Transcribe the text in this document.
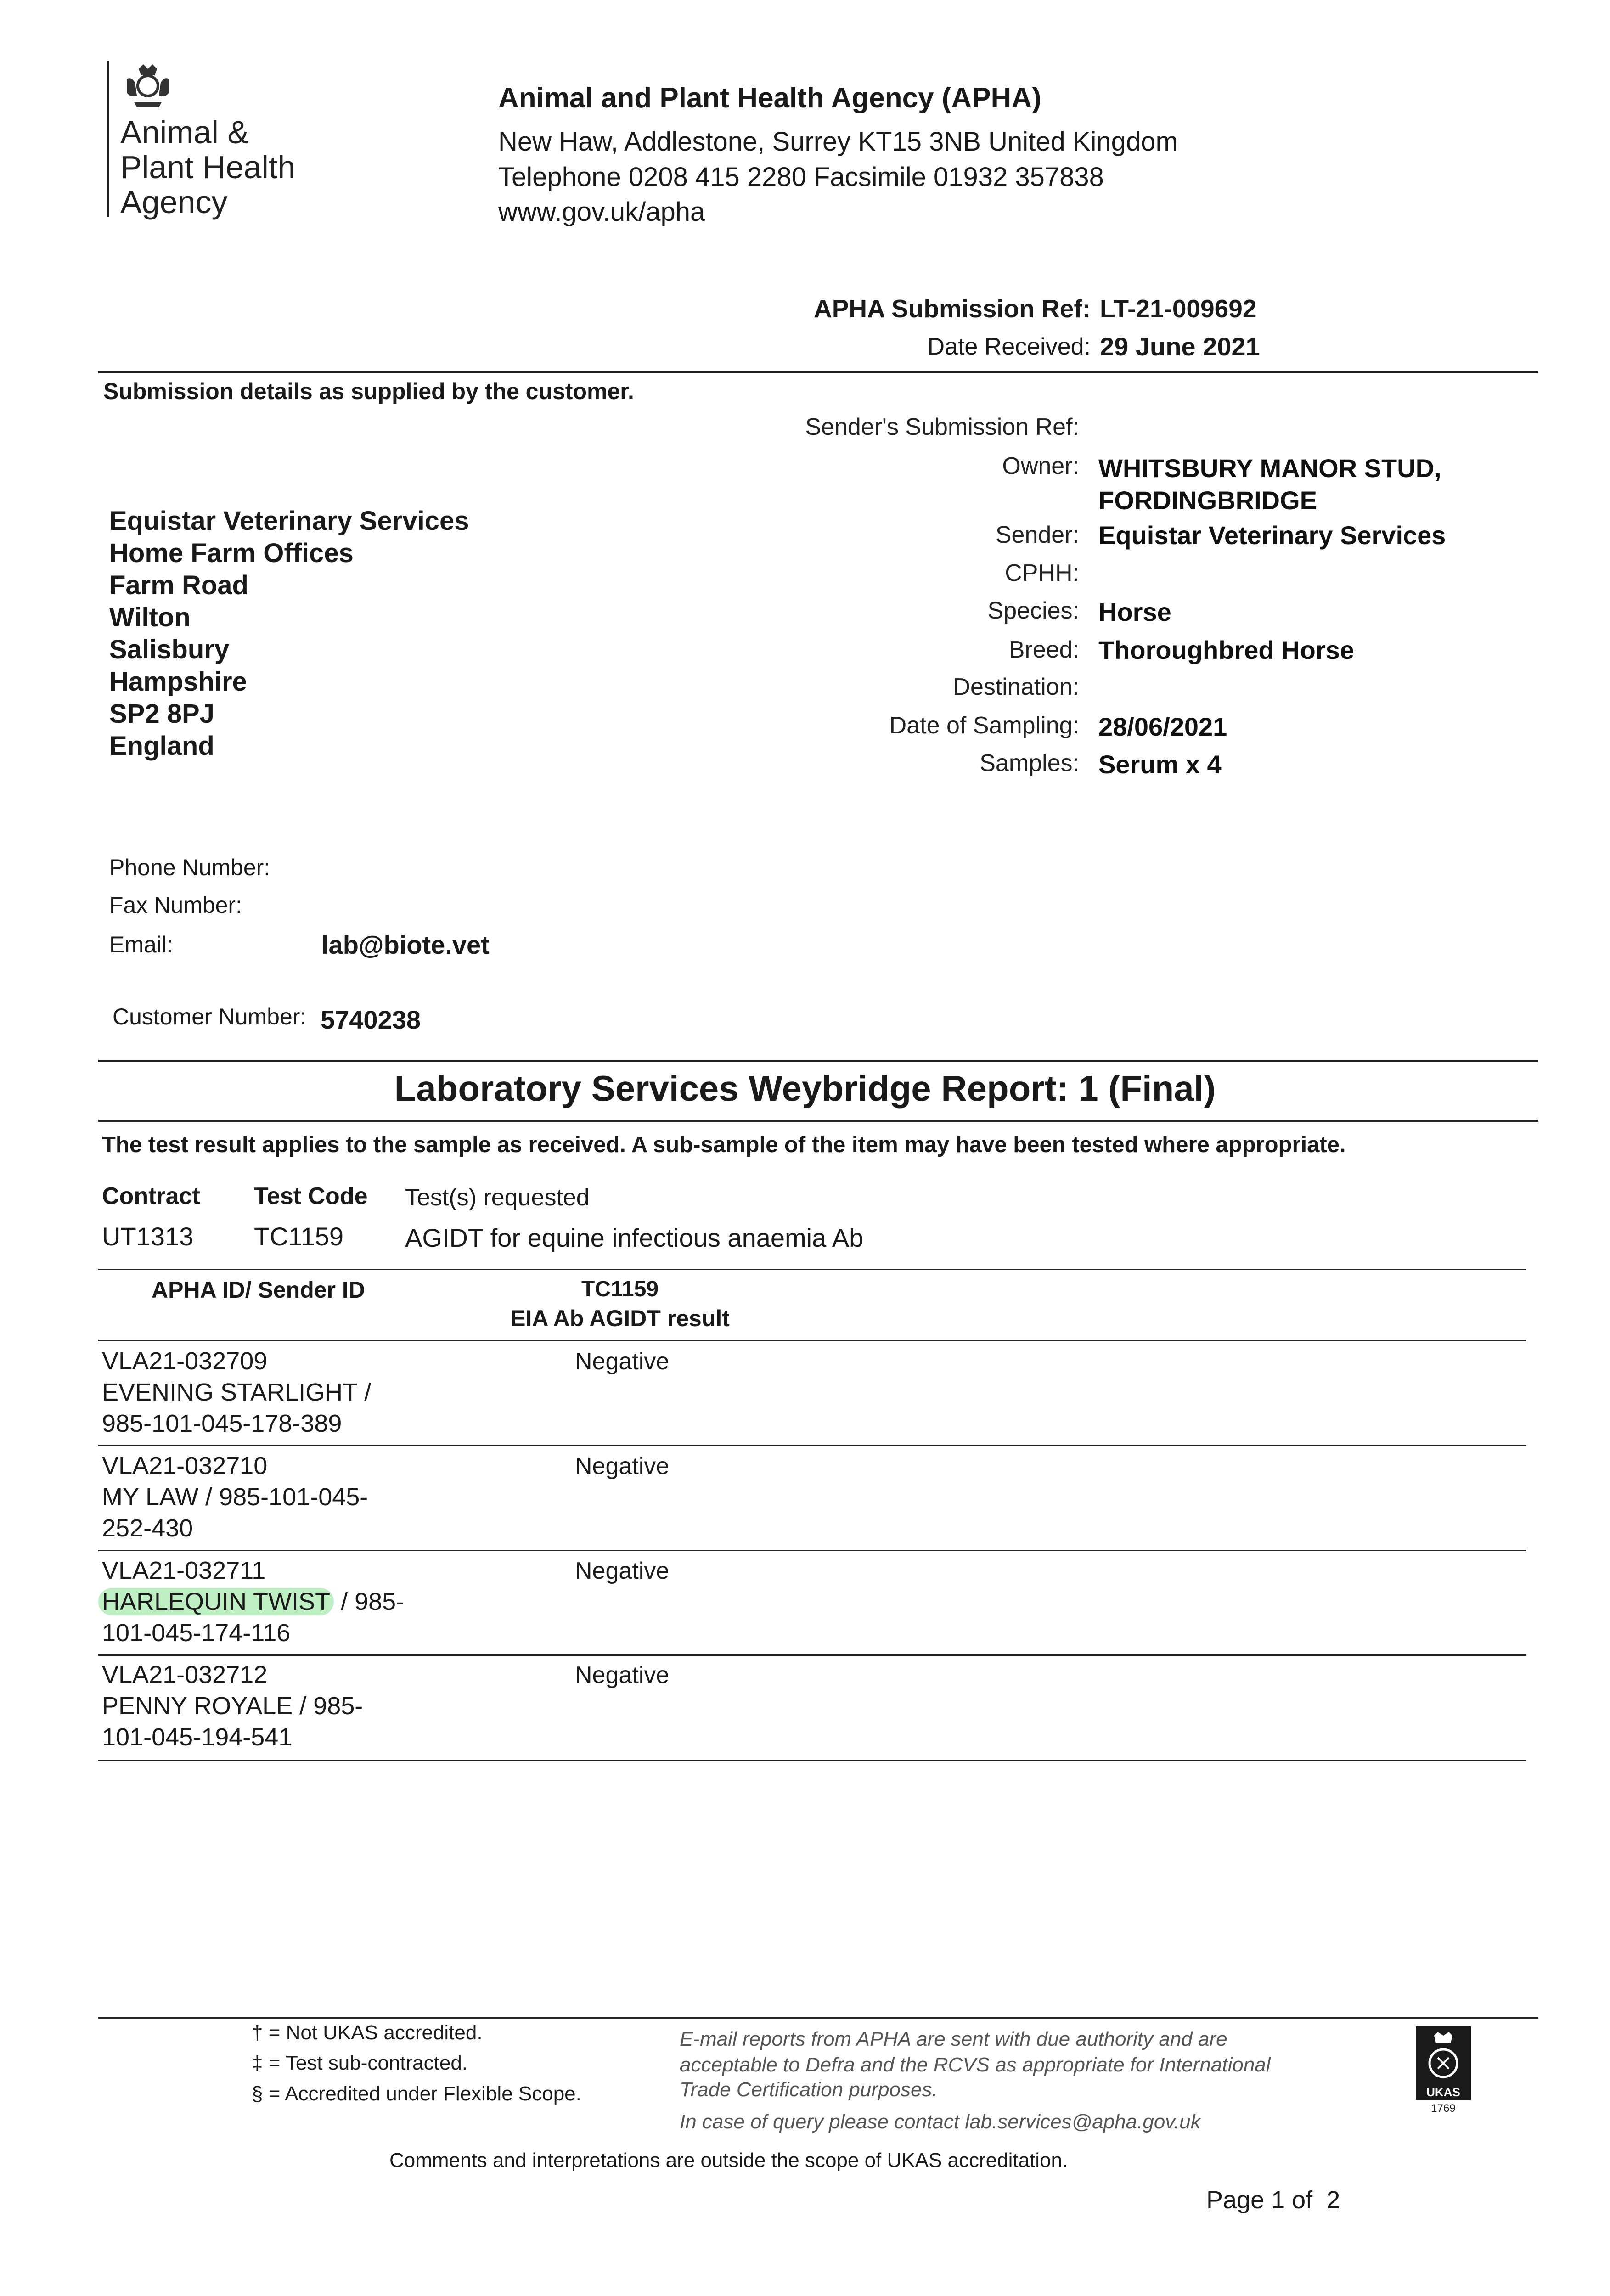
Animal &
Plant Health
Agency
Animal and Plant Health Agency (APHA)
New Haw, Addlestone, Surrey KT15 3NB United Kingdom
Telephone 0208 415 2280 Facsimile 01932 357838
www.gov.uk/apha
APHA Submission Ref: LT-21-009692
Date Received: 29 June 2021
Submission details as supplied by the customer.
Sender's Submission Ref:
Owner: WHITSBURY MANOR STUD,
FORDINGBRIDGE
Sender: Equistar Veterinary Services
CPHH:
Species: Horse
Breed: Thoroughbred Horse
Destination:
Date of Sampling: 28/06/2021
Samples: Serum x 4
Equistar Veterinary Services
Home Farm Offices
Farm Road
Wilton
Salisbury
Hampshire
SP2 8PJ
England
Phone Number:
Fax Number:
Email:	lab@biote.vet
Customer Number: 5740238
Laboratory Services Weybridge Report: 1 (Final)
The test result applies to the sample as received. A sub-sample of the item may have been tested where appropriate.
Contract Test Code Test(s) requested
UT1313 TC1159 AGIDT for equine infectious anaemia Ab
APHA ID/ Sender ID	TC1159
EIA Ab AGIDT result
VLA21-032709
EVENING STARLIGHT /
985-101-045-178-389
Negative
VLA21-032710
MY LAW / 985-101-045-
252-430
Negative
VLA21-032711
HARLEQUIN TWIST / 985-
101-045-174-116
Negative
VLA21-032712
PENNY ROYALE / 985-
101-045-194-541
Negative
† = Not UKAS accredited.
‡ = Test sub-contracted.
§ = Accredited under Flexible Scope.
E-mail reports from APHA are sent with due authority and are
acceptable to Defra and the RCVS as appropriate for International
Trade Certification purposes.
In case of query please contact lab.services@apha.gov.uk
UKAS
1769
Comments and interpretations are outside the scope of UKAS accreditation.
Page 1 of  2
